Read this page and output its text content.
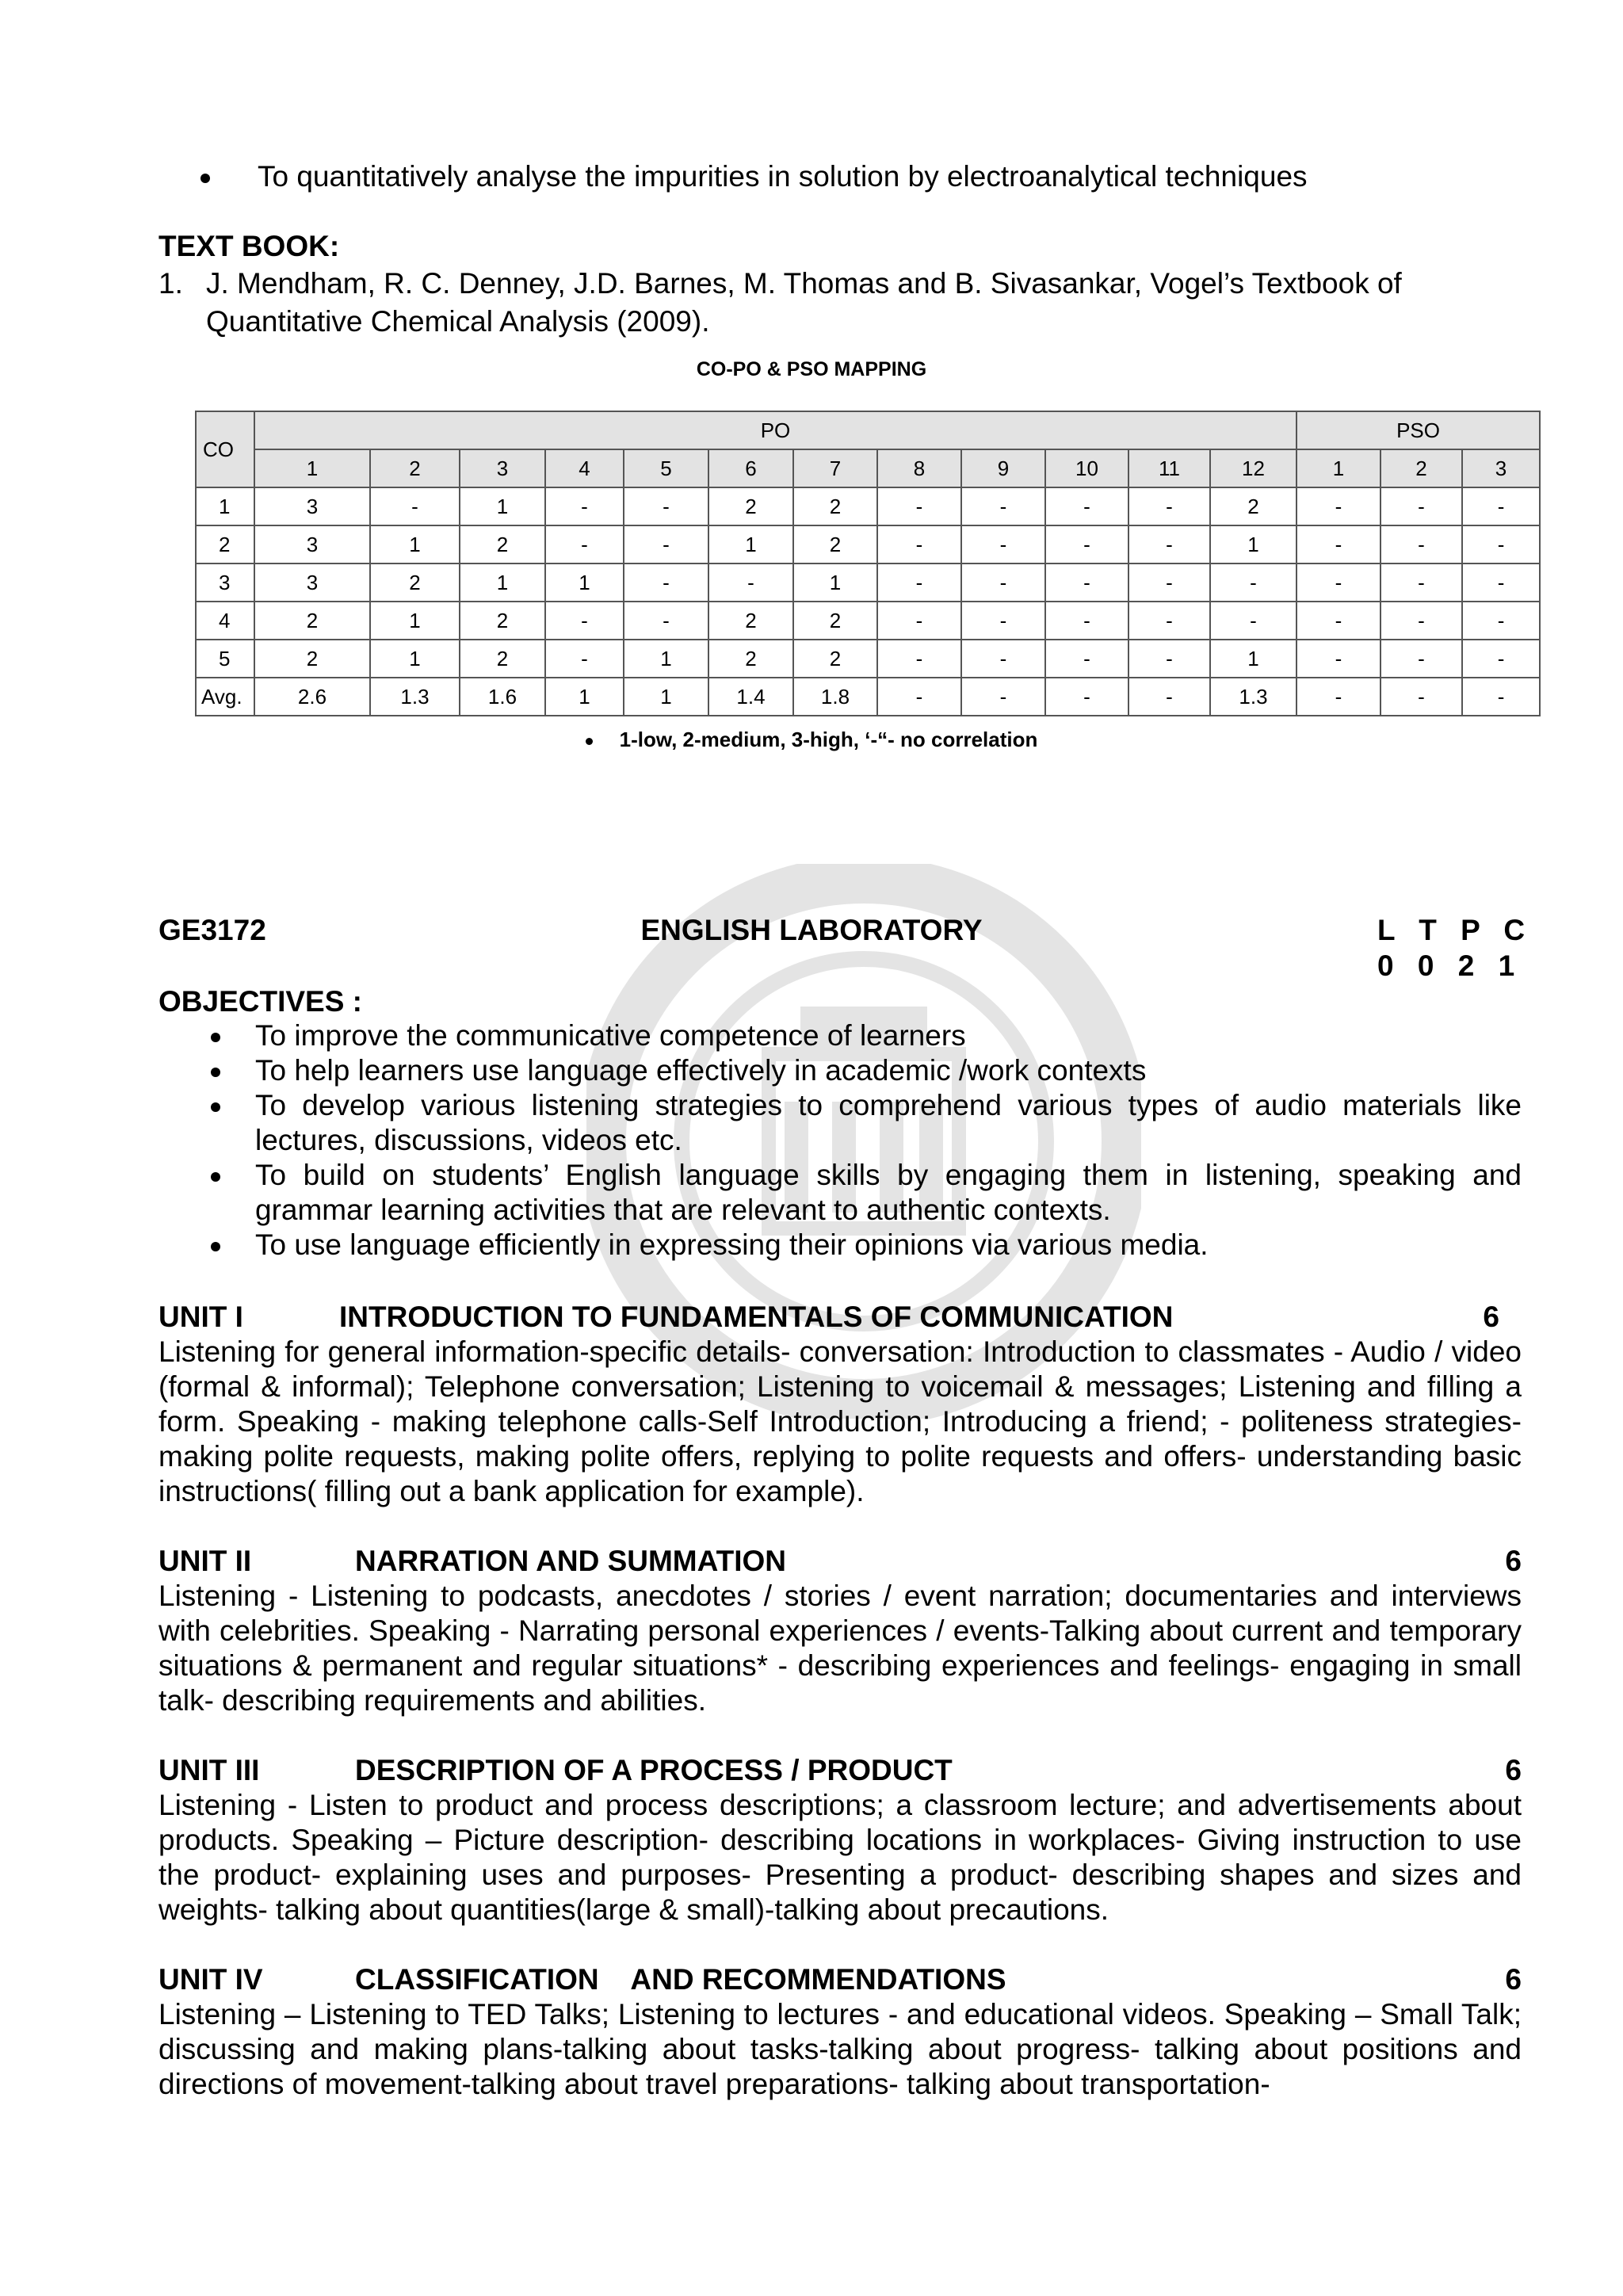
To quantitatively analyse the impurities in solution by electroanalytical techniques
TEXT BOOK:
1. J. Mendham, R. C. Denney, J.D. Barnes, M. Thomas and B. Sivasankar, Vogel’s Textbook of Quantitative Chemical Analysis (2009).
CO-PO & PSO MAPPING
CO	PO												PSO		
	1	2	3	4	5	6	7	8	9	10	11	12	1	2	3
1	3	-	1	-	-	2	2	-	-	-	-	2	-	-	-
2	3	1	2	-	-	1	2	-	-	-	-	1	-	-	-
3	3	2	1	1	-	-	1	-	-	-	-	-	-	-	-
4	2	1	2	-	-	2	2	-	-	-	-	-	-	-	-
5	2	1	2	-	1	2	2	-	-	-	-	1	-	-	-
Avg.	2.6	1.3	1.6	1	1	1.4	1.8	-	-	-	-	1.3	-	-	-
1-low, 2-medium, 3-high, ‘-“- no correlation
GE3172	ENGLISH LABORATORY	L T P C
0 0 2 1
OBJECTIVES :

To improve the communicative competence of learners

To help learners use language effectively in academic /work contexts

To develop various listening strategies to comprehend various types of audio materials like lectures, discussions, videos etc.

To build on students’ English language skills by engaging them in listening, speaking and grammar learning activities that are relevant to authentic contexts.

To use language efficiently in expressing their opinions via various media.

UNIT I	INTRODUCTION TO FUNDAMENTALS OF COMMUNICATION	6

Listening for general information-specific details- conversation: Introduction to classmates - Audio / video (formal & informal); Telephone conversation; Listening to voicemail & messages; Listening and filling a form. Speaking - making telephone calls-Self Introduction; Introducing a friend; - politeness strategies- making polite requests, making polite offers, replying to polite requests and offers- understanding basic instructions( filling out a bank application for example).

UNIT II	NARRATION AND SUMMATION	6

Listening - Listening to podcasts, anecdotes / stories / event narration; documentaries and interviews with celebrities. Speaking - Narrating personal experiences / events-Talking about current and temporary situations & permanent and regular situations* - describing experiences and feelings- engaging in small talk- describing requirements and abilities.

UNIT III	DESCRIPTION OF A PROCESS / PRODUCT	6

Listening - Listen to product and process descriptions; a classroom lecture; and advertisements about products. Speaking – Picture description- describing locations in workplaces- Giving instruction to use the product- explaining uses and purposes- Presenting a product- describing shapes and sizes and weights- talking about quantities(large & small)-talking about precautions.

UNIT IV	CLASSIFICATION    AND RECOMMENDATIONS	6

Listening – Listening to TED Talks; Listening to lectures - and educational videos. Speaking – Small Talk; discussing and making plans-talking about tasks-talking about progress- talking about positions and directions of movement-talking about travel preparations- talking about transportation-
